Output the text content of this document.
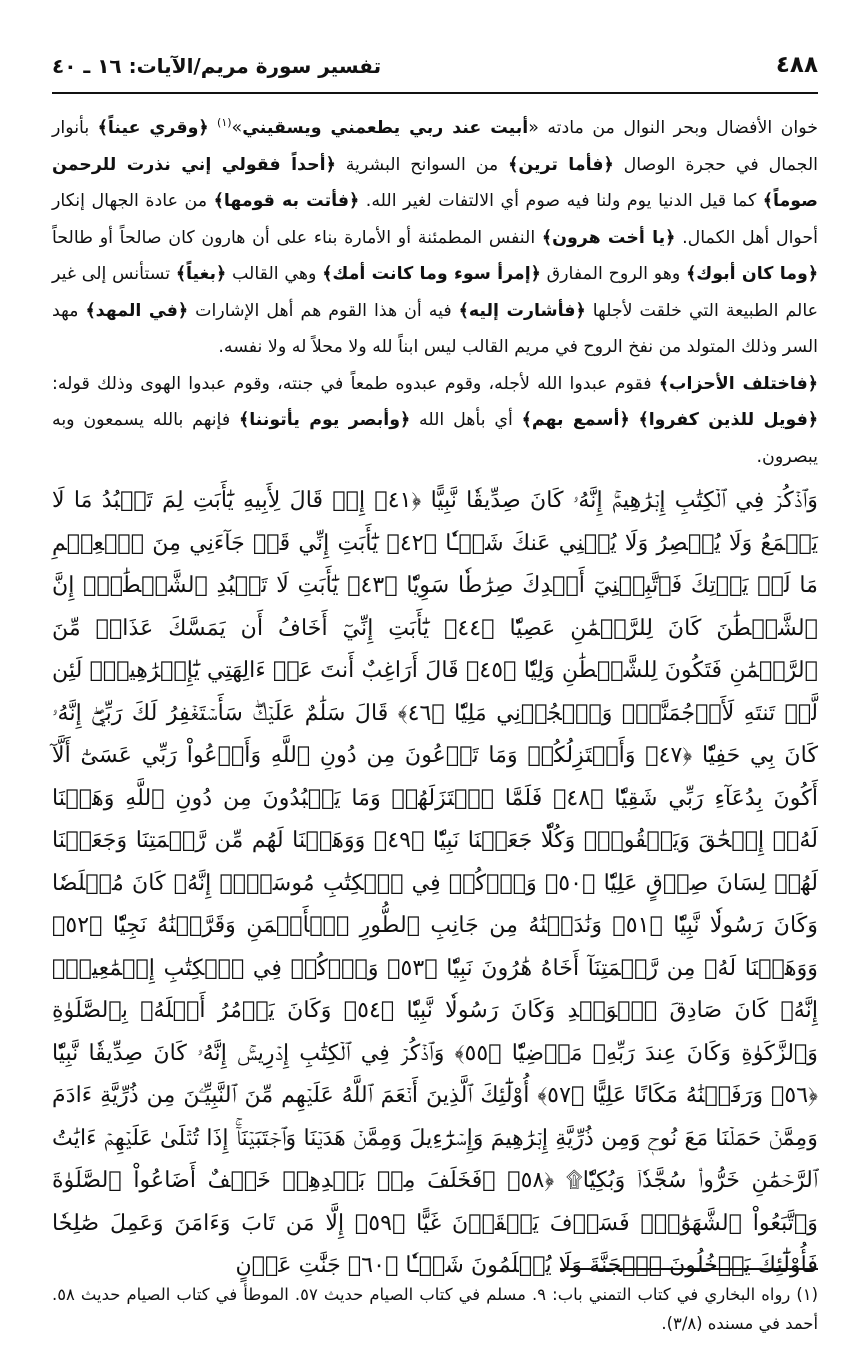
٤٨٨
تفسير سورة مريم/الآيات: ١٦ ـ ٤٠

خوان الأفضال وبحر النوال من مادته «أبيت عند ربي يطعمني ويسقيني»$^{(١)}$ ﴿وقري عيناً﴾ بأنوار الجمال في حجرة الوصال ﴿فأما ترين﴾ من السوانح البشرية ﴿أحداً فقولي إني نذرت للرحمن صوماً﴾ كما قيل الدنيا يوم ولنا فيه صوم أي الالتفات لغير الله. ﴿فأتت به قومها﴾ من عادة الجهال إنكار أحوال أهل الكمال. ﴿يا أخت هرون﴾ النفس المطمئنة أو الأمارة بناء على أن هارون كان صالحاً أو طالحاً ﴿وما كان أبوك﴾ وهو الروح المفارق ﴿إمرأ سوء وما كانت أمك﴾ وهي القالب ﴿بغياً﴾ تستأنس إلى غير عالم الطبيعة التي خلقت لأجلها ﴿فأشارت إليه﴾ فيه أن هذا القوم هم أهل الإشارات ﴿في المهد﴾ مهد السر وذلك المتولد من نفخ الروح في مريم القالب ليس ابناً لله ولا محلاً له ولا نفسه.

﴿فاختلف الأحزاب﴾ فقوم عبدوا الله لأجله، وقوم عبدوه طمعاً في جنته، وقوم عبدوا الهوى وذلك قوله: ﴿فويل للذين كفروا﴾ ﴿أسمع بهم﴾ أي بأهل الله ﴿وأبصر يوم يأتوننا﴾ فإنهم بالله يسمعون وبه يبصرون.

وَٱذۡكُرۡ فِي ٱلۡكِتَٰبِ إِبۡرَٰهِيمَۚ إِنَّهُۥ كَانَ صِدِّيقٗا نَّبِيًّا ﴿٤١﴾ إِذۡ قَالَ لِأَبِيهِ يَٰٓأَبَتِ لِمَ تَعۡبُدُ مَا لَا يَسۡمَعُ وَلَا يُبۡصِرُ وَلَا يُغۡنِي عَنكَ شَيۡـٔٗا ﴿٤٢﴾ يَٰٓأَبَتِ إِنِّي قَدۡ جَآءَنِي مِنَ ٱلۡعِلۡمِ مَا لَمۡ يَأۡتِكَ فَٱتَّبِعۡنِيٓ أَهۡدِكَ صِرَٰطٗا سَوِيّٗا ﴿٤٣﴾ يَٰٓأَبَتِ لَا تَعۡبُدِ ٱلشَّيۡطَٰنَۖ إِنَّ ٱلشَّيۡطَٰنَ كَانَ لِلرَّحۡمَٰنِ عَصِيّٗا ﴿٤٤﴾ يَٰٓأَبَتِ إِنِّيٓ أَخَافُ أَن يَمَسَّكَ عَذَابٞ مِّنَ ٱلرَّحۡمَٰنِ فَتَكُونَ لِلشَّيۡطَٰنِ وَلِيّٗا ﴿٤٥﴾ قَالَ أَرَاغِبٌ أَنتَ عَنۡ ءَالِهَتِي يَٰٓإِبۡرَٰهِيمُۖ لَئِن لَّمۡ تَنتَهِ لَأَرۡجُمَنَّكَۖ وَٱهۡجُرۡنِي مَلِيّٗا ﴿٤٦﴾ قَالَ سَلَٰمٌ عَلَيۡكَۖ سَأَسۡتَغۡفِرُ لَكَ رَبِّيٓۖ إِنَّهُۥ كَانَ بِي حَفِيّٗا ﴿٤٧﴾ وَأَعۡتَزِلُكُمۡ وَمَا تَدۡعُونَ مِن دُونِ ٱللَّهِ وَأَدۡعُواْ رَبِّي عَسَىٰٓ أَلَّآ أَكُونَ بِدُعَآءِ رَبِّي شَقِيّٗا ﴿٤٨﴾ فَلَمَّا ٱعۡتَزَلَهُمۡ وَمَا يَعۡبُدُونَ مِن دُونِ ٱللَّهِ وَهَبۡنَا لَهُۥٓ إِسۡحَٰقَ وَيَعۡقُوبَۖ وَكُلّٗا جَعَلۡنَا نَبِيّٗا ﴿٤٩﴾ وَوَهَبۡنَا لَهُم مِّن رَّحۡمَتِنَا وَجَعَلۡنَا لَهُمۡ لِسَانَ صِدۡقٍ عَلِيّٗا ﴿٥٠﴾ وَٱذۡكُرۡ فِي ٱلۡكِتَٰبِ مُوسَىٰٓۚ إِنَّهُۥ كَانَ مُخۡلَصٗا وَكَانَ رَسُولٗا نَّبِيّٗا ﴿٥١﴾ وَنَٰدَيۡنَٰهُ مِن جَانِبِ ٱلطُّورِ ٱلۡأَيۡمَنِ وَقَرَّبۡنَٰهُ نَجِيّٗا ﴿٥٢﴾ وَوَهَبۡنَا لَهُۥ مِن رَّحۡمَتِنَآ أَخَاهُ هَٰرُونَ نَبِيّٗا ﴿٥٣﴾ وَٱذۡكُرۡ فِي ٱلۡكِتَٰبِ إِسۡمَٰعِيلَۚ إِنَّهُۥ كَانَ صَادِقَ ٱلۡوَعۡدِ وَكَانَ رَسُولٗا نَّبِيّٗا ﴿٥٤﴾ وَكَانَ يَأۡمُرُ أَهۡلَهُۥ بِٱلصَّلَوٰةِ وَٱلزَّكَوٰةِ وَكَانَ عِندَ رَبِّهِۦ مَرۡضِيّٗا ﴿٥٥﴾ وَٱذۡكُرۡ فِي ٱلۡكِتَٰبِ إِدۡرِيسَۚ إِنَّهُۥ كَانَ صِدِّيقٗا نَّبِيّٗا ﴿٥٦﴾ وَرَفَعۡنَٰهُ مَكَانًا عَلِيًّا ﴿٥٧﴾ أُوْلَٰٓئِكَ ٱلَّذِينَ أَنۡعَمَ ٱللَّهُ عَلَيۡهِم مِّنَ ٱلنَّبِيِّـۧنَ مِن ذُرِّيَّةِ ءَادَمَ وَمِمَّنۡ حَمَلۡنَا مَعَ نُوحٖ وَمِن ذُرِّيَّةِ إِبۡرَٰهِيمَ وَإِسۡرَٰٓءِيلَ وَمِمَّنۡ هَدَيۡنَا وَٱجۡتَبَيۡنَآۚ إِذَا تُتۡلَىٰ عَلَيۡهِمۡ ءَايَٰتُ ٱلرَّحۡمَٰنِ خَرُّواْۤ سُجَّدٗاۤ وَبُكِيّٗا۩ ﴿٥٨﴾ ۞فَخَلَفَ مِنۢ بَعۡدِهِمۡ خَلۡفٌ أَضَاعُواْ ٱلصَّلَوٰةَ وَٱتَّبَعُواْ ٱلشَّهَوَٰتِۖ فَسَوۡفَ يَلۡقَوۡنَ غَيًّا ﴿٥٩﴾ إِلَّا مَن تَابَ وَءَامَنَ وَعَمِلَ صَٰلِحٗا فَأُوْلَٰٓئِكَ يَدۡخُلُونَ ٱلۡجَنَّةَ وَلَا يُظۡلَمُونَ شَيۡـٔٗا ﴿٦٠﴾ جَنَّٰتِ عَدۡنٍ

(١) رواه البخاري في كتاب التمني باب: ٩. مسلم في كتاب الصيام حديث ٥٧. الموطأ في كتاب الصيام حديث ٥٨. أحمد في مسنده (٣/٨).
